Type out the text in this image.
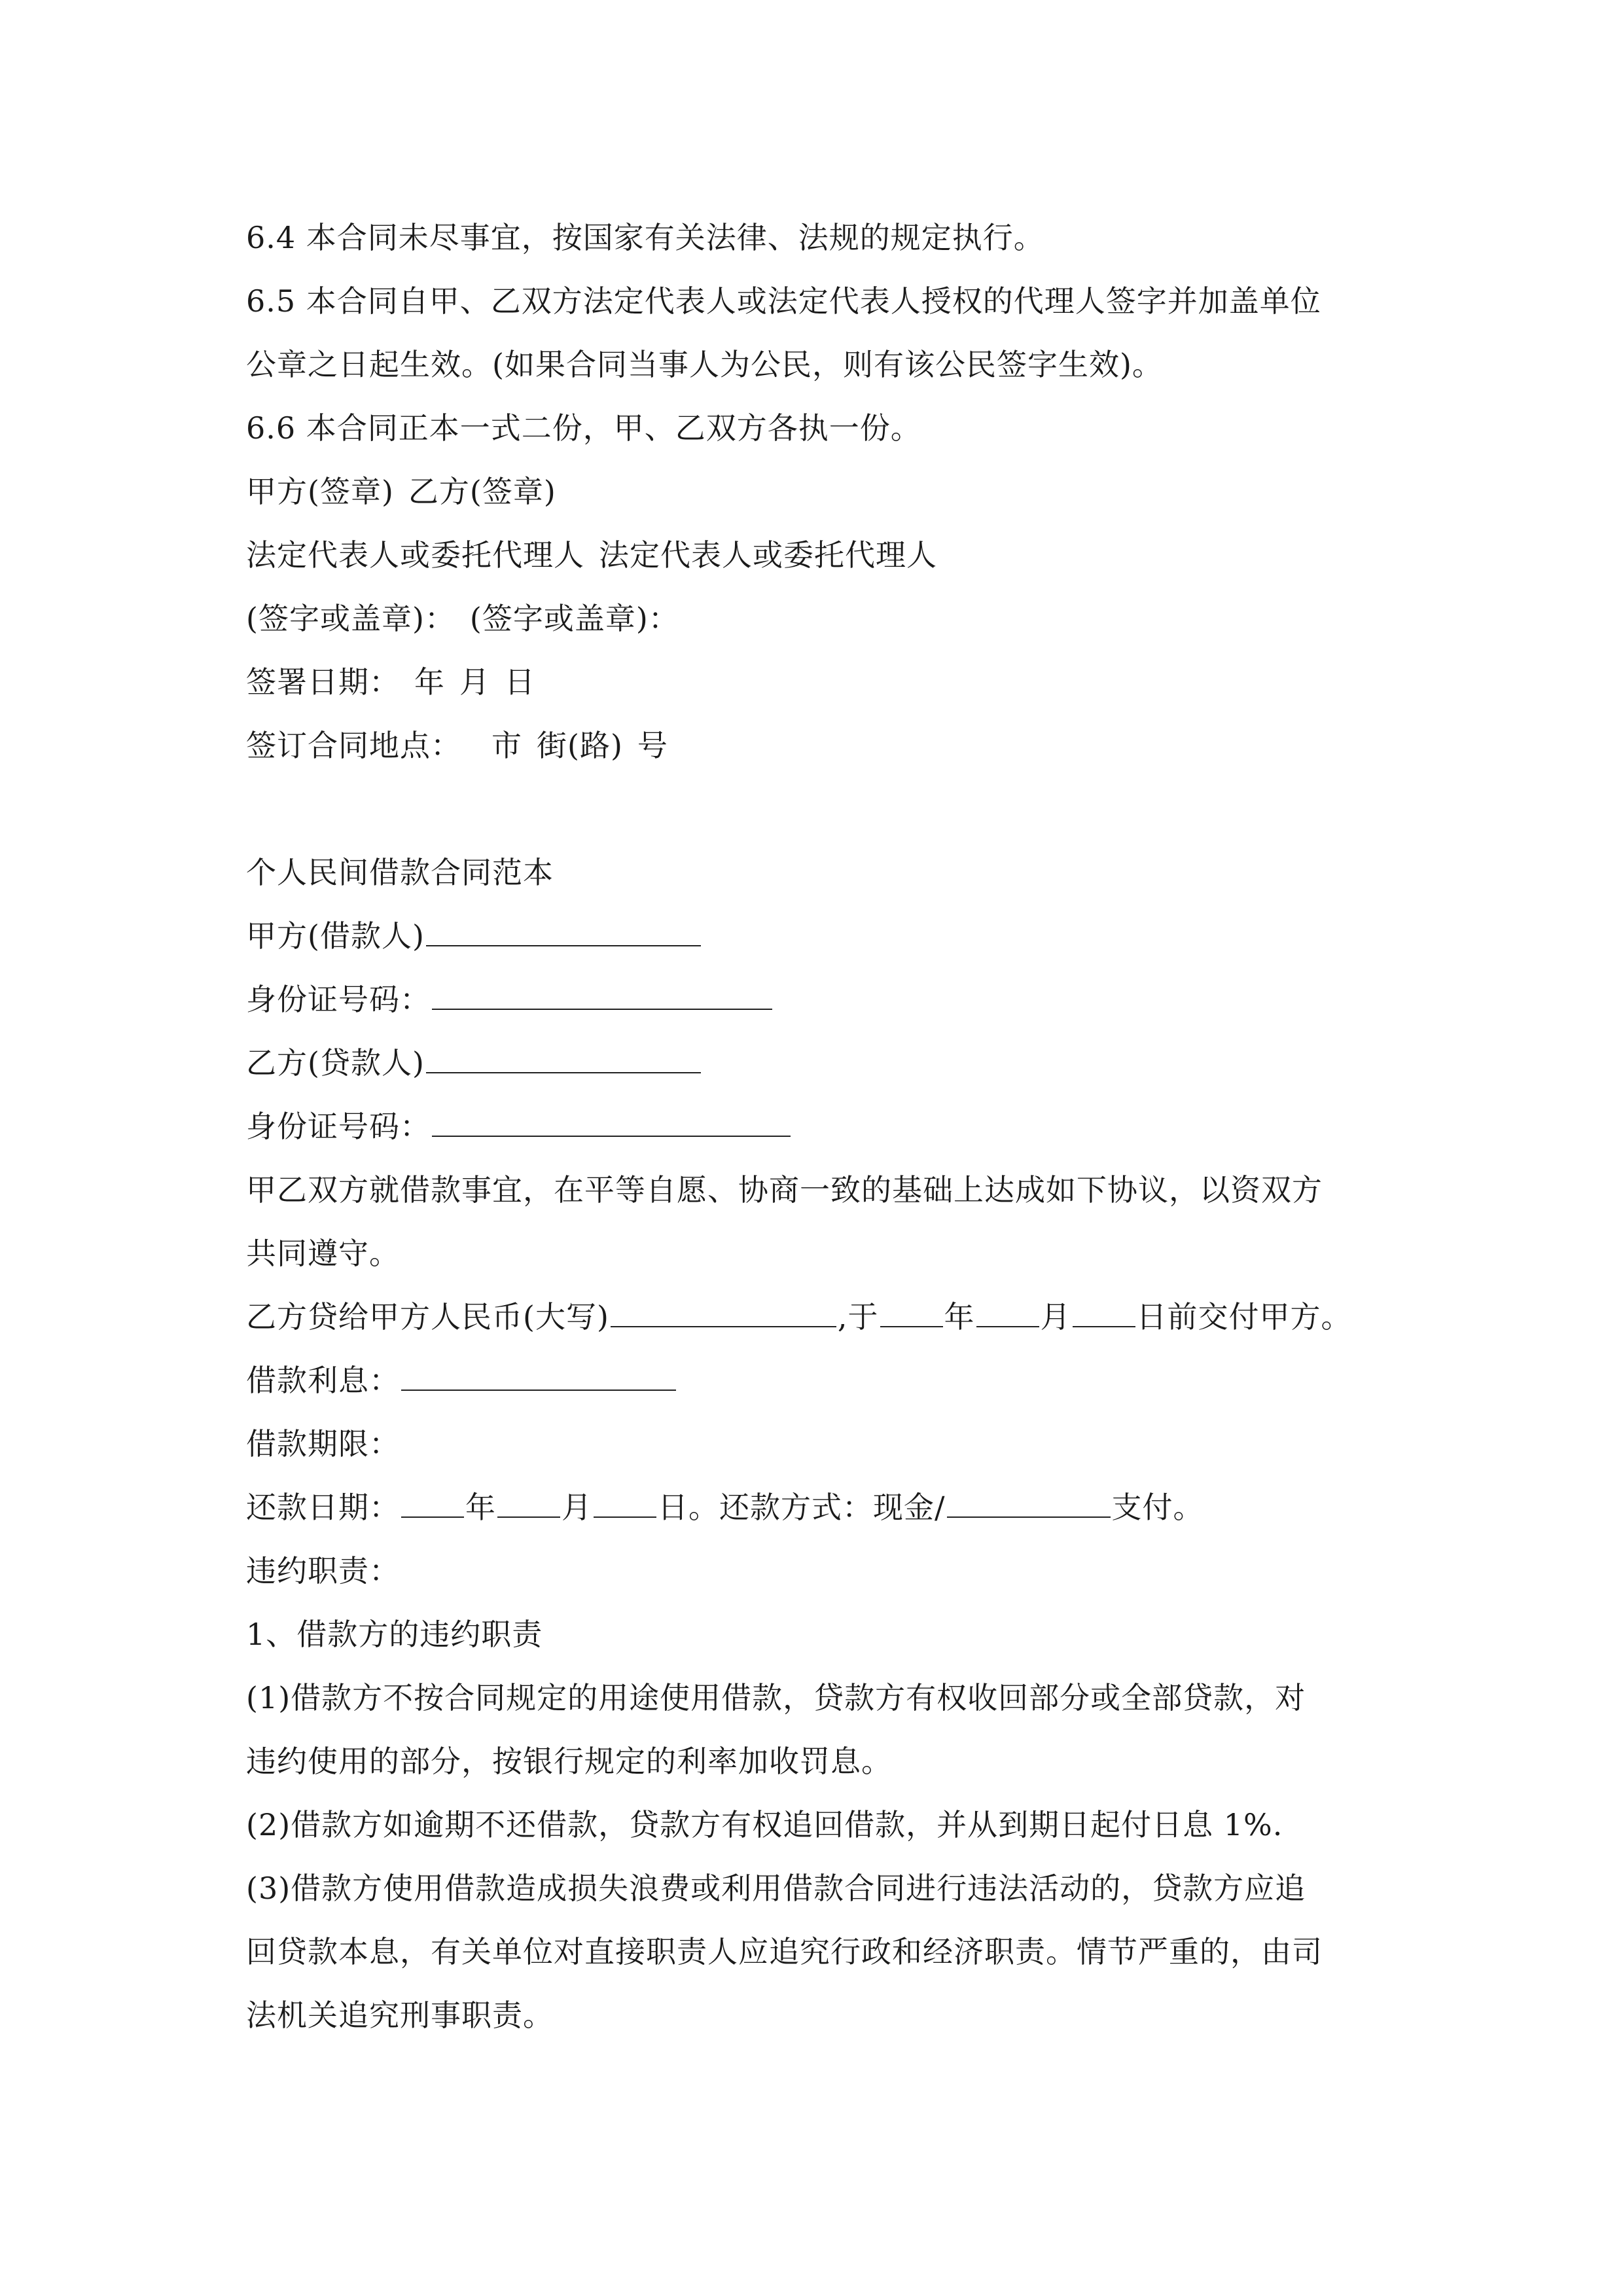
6.4 本合同未尽事宜，按国家有关法律、法规的规定执行。
6.5 本合同自甲、乙双方法定代表人或法定代表人授权的代理人签字并加盖单位
公章之日起生效。(如果合同当事人为公民，则有该公民签字生效)。
6.6 本合同正本一式二份，甲、乙双方各执一份。
甲方(签章) 乙方(签章)
法定代表人或委托代理人 法定代表人或委托代理人
(签字或盖章)： (签字或盖章)：
签署日期： 年 月 日
签订合同地点： 市 街(路) 号
个人民间借款合同范本
甲方(借款人)
身份证号码：
乙方(贷款人)
身份证号码：
甲乙双方就借款事宜，在平等自愿、协商一致的基础上达成如下协议，以资双方
共同遵守。
乙方贷给甲方人民币(大写)	,于 年 月 日前交付甲方。
借款利息：
借款期限：
还款日期： 年 月 日。还款方式：现金/	支付。
违约职责：
1、借款方的违约职责
(1)借款方不按合同规定的用途使用借款，贷款方有权收回部分或全部贷款，对
违约使用的部分，按银行规定的利率加收罚息。
(2)借款方如逾期不还借款，贷款方有权追回借款，并从到期日起付日息 1%.
(3)借款方使用借款造成损失浪费或利用借款合同进行违法活动的，贷款方应追
回贷款本息，有关单位对直接职责人应追究行政和经济职责。情节严重的，由司
法机关追究刑事职责。
